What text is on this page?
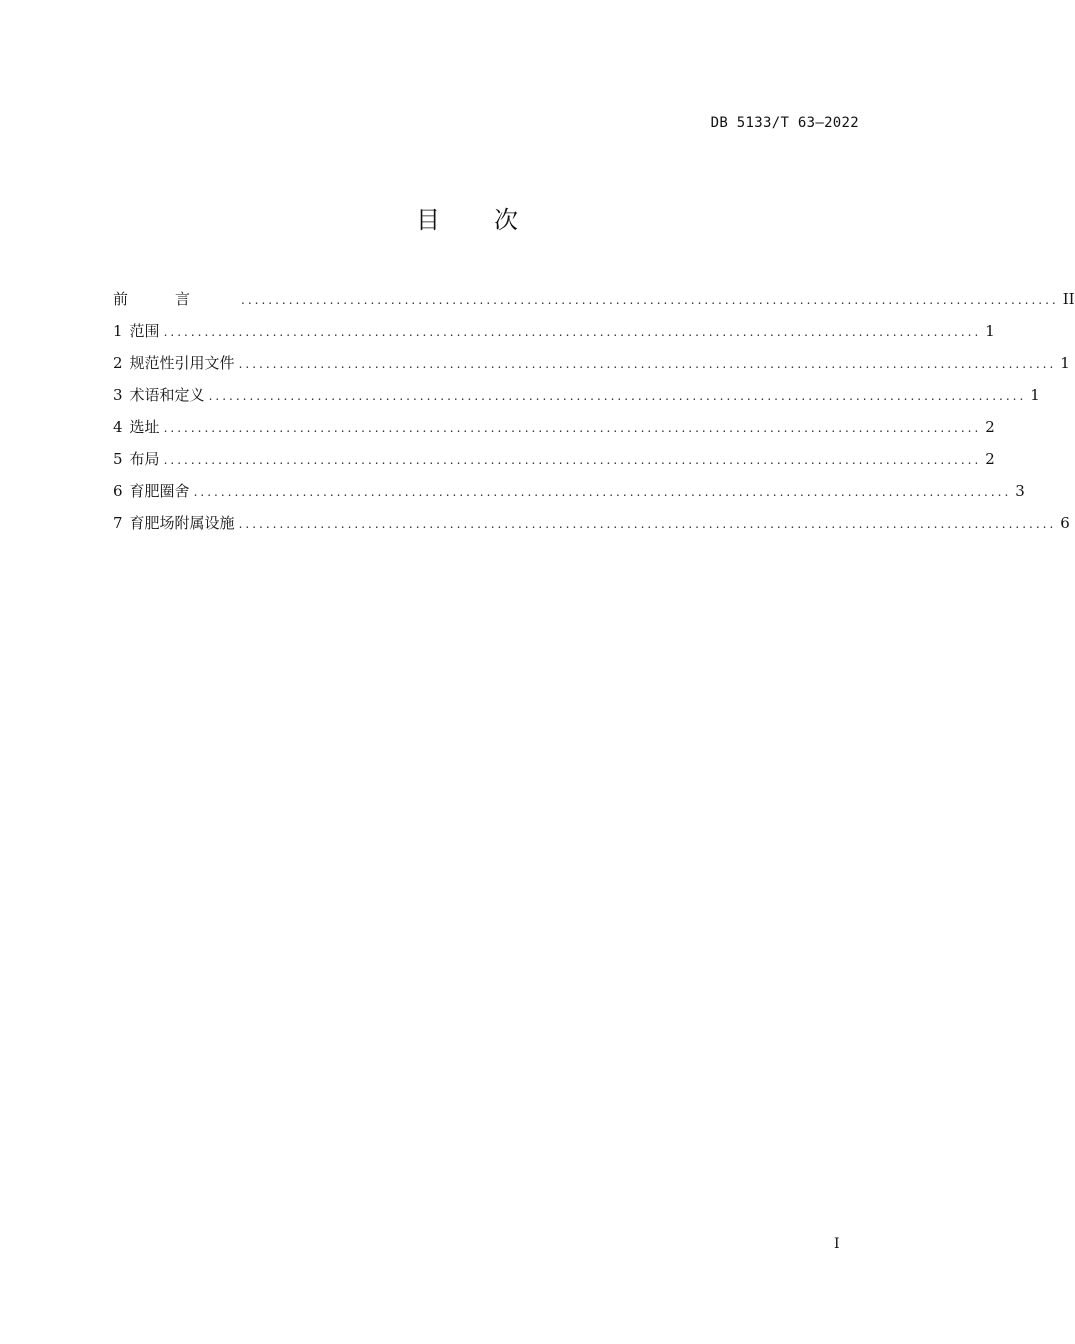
DB 5133/T 63—2022
目次
前言 ........................................................................................................................ II
1 范围 ........................................................................................................................ 1
2 规范性引用文件 ........................................................................................................................ 1
3 术语和定义 ........................................................................................................................ 1
4 选址 ........................................................................................................................ 2
5 布局 ........................................................................................................................ 2
6 育肥圈舍 ........................................................................................................................ 3
7 育肥场附属设施 ........................................................................................................................ 6
I
